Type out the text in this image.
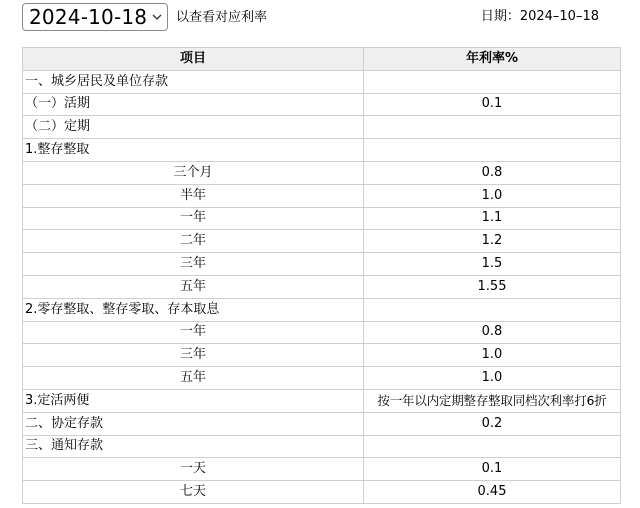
2024-10-18 以查看对应利率	日期：2024–10–18
项目	年利率%
一、城乡居民及单位存款	
（一）活期	0.1
（二）定期	
1.整存整取	
三个月	0.8
半年	1.0
一年	1.1
二年	1.2
三年	1.5
五年	1.55
2.零存整取、整存零取、存本取息	
一年	0.8
三年	1.0
五年	1.0
3.定活两便	按一年以内定期整存整取同档次利率打6折
二、协定存款	0.2
三、通知存款	
一天	0.1
七天	0.45
